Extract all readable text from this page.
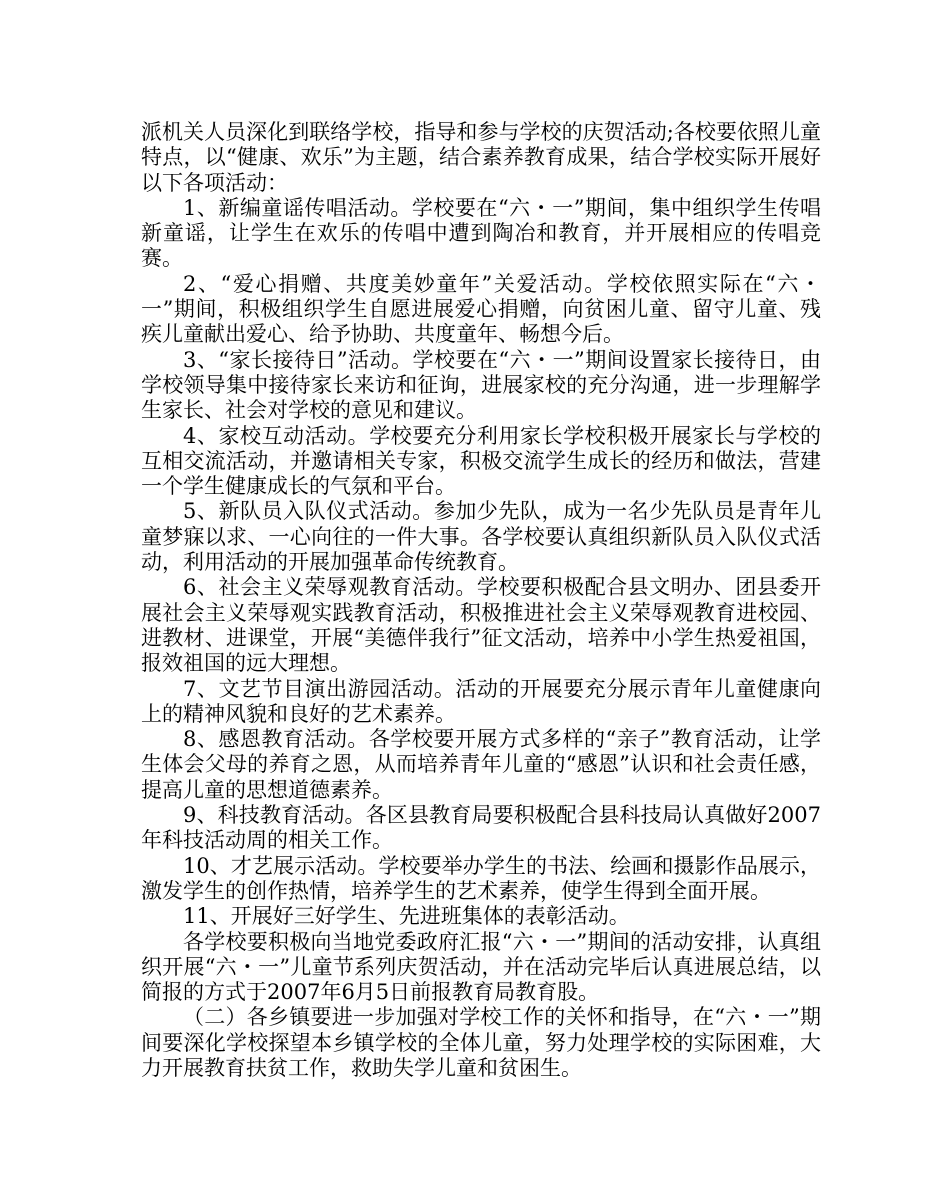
派机关人员深化到联络学校，指导和参与学校的庆贺活动;各校要依照儿童特点，以“健康、欢乐”为主题，结合素养教育成果，结合学校实际开展好以下各项活动：

1、新编童谣传唱活动。学校要在“六・一”期间，集中组织学生传唱新童谣，让学生在欢乐的传唱中遭到陶冶和教育，并开展相应的传唱竞赛。

2、“爱心捐赠、共度美妙童年”关爱活动。学校依照实际在“六・一”期间，积极组织学生自愿进展爱心捐赠，向贫困儿童、留守儿童、残疾儿童献出爱心、给予协助、共度童年、畅想今后。

3、“家长接待日”活动。学校要在“六・一”期间设置家长接待日，由学校领导集中接待家长来访和征询，进展家校的充分沟通，进一步理解学生家长、社会对学校的意见和建议。

4、家校互动活动。学校要充分利用家长学校积极开展家长与学校的互相交流活动，并邀请相关专家，积极交流学生成长的经历和做法，营建一个学生健康成长的气氛和平台。

5、新队员入队仪式活动。参加少先队，成为一名少先队员是青年儿童梦寐以求、一心向往的一件大事。各学校要认真组织新队员入队仪式活动，利用活动的开展加强革命传统教育。

6、社会主义荣辱观教育活动。学校要积极配合县文明办、团县委开展社会主义荣辱观实践教育活动，积极推进社会主义荣辱观教育进校园、进教材、进课堂，开展“美德伴我行”征文活动，培养中小学生热爱祖国，报效祖国的远大理想。

7、文艺节目演出游园活动。活动的开展要充分展示青年儿童健康向上的精神风貌和良好的艺术素养。

8、感恩教育活动。各学校要开展方式多样的“亲子”教育活动，让学生体会父母的养育之恩，从而培养青年儿童的“感恩”认识和社会责任感，提高儿童的思想道德素养。

9、科技教育活动。各区县教育局要积极配合县科技局认真做好2007年科技活动周的相关工作。

10、才艺展示活动。学校要举办学生的书法、绘画和摄影作品展示，激发学生的创作热情，培养学生的艺术素养，使学生得到全面开展。

11、开展好三好学生、先进班集体的表彰活动。

各学校要积极向当地党委政府汇报“六・一”期间的活动安排，认真组织开展“六・一”儿童节系列庆贺活动，并在活动完毕后认真进展总结，以简报的方式于2007年6月5日前报教育局教育股。

（二）各乡镇要进一步加强对学校工作的关怀和指导，在“六・一”期间要深化学校探望本乡镇学校的全体儿童，努力处理学校的实际困难，大力开展教育扶贫工作，救助失学儿童和贫困生。
